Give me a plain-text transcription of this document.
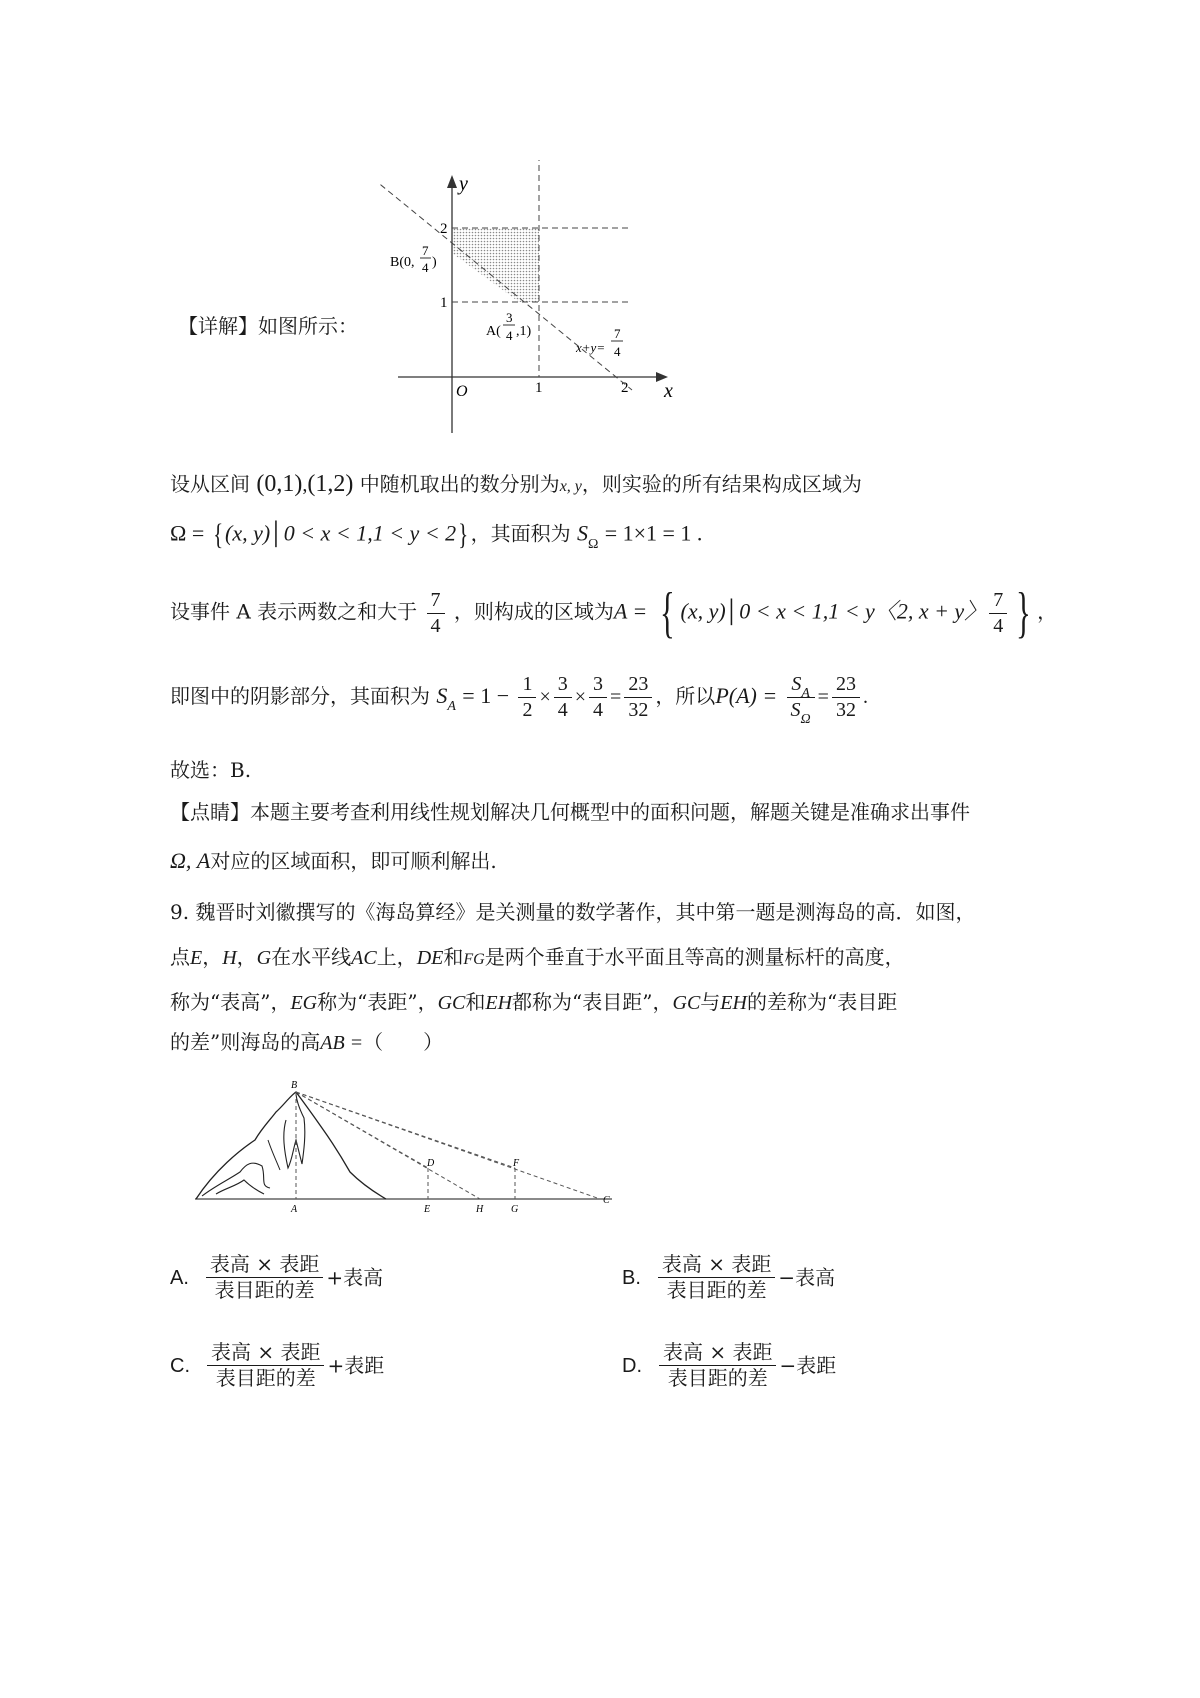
【详解】如图所示：
y
x
O
2
1
1	2
B(0,
7
4 )
A(
3
4 ,1)
x+y=
7
4
设从区间 (0,1),(1,2) 中随机取出的数分别为x, y，则实验的所有结果构成区域为
Ω = {(x, y)│0 < x < 1,1 < y < 2} ，其面积为 $S_\Omega = 1\times 1 = 1$ .
设事件 A 表示两数之和大于 $\frac{7}{4}$ ，则构成的区域为A = { (x, y)│0 < x < 1,1 < y〈2, x + y〉 $\frac{7}{4}$ } ，
即图中的阴影部分，其面积为 $S_A = 1 - \frac{1}{2} \times \frac{3}{4} \times \frac{3}{4} = \frac{23}{32}$ ，所以$P(A) = \frac{S_A}{S_\Omega} = \frac{23}{32}$ .
故选：B.
【点睛】本题主要考查利用线性规划解决几何概型中的面积问题，解题关键是准确求出事件
Ω, A对应的区域面积，即可顺利解出.
9. 魏晋时刘徽撰写的《海岛算经》是关测量的数学著作，其中第一题是测海岛的高．如图，
点E，H，G在水平线AC上，DE和FG是两个垂直于水平面且等高的测量标杆的高度，
称为“表高”，EG称为“表距”，GC和EH都称为“表目距”，GC与EH的差称为“表目距
的差”则海岛的高AB =（　　）
B
D	F
A	E	H	G
C
A. $\frac{\text{表高 × 表距}}{\text{表目距的差}}$ +表高	B. $\frac{\text{表高 × 表距}}{\text{表目距的差}}$ −表高
C. $\frac{\text{表高 × 表距}}{\text{表目距的差}}$ +表距	D. $\frac{\text{表高 × 表距}}{\text{表目距的差}}$ −表距
